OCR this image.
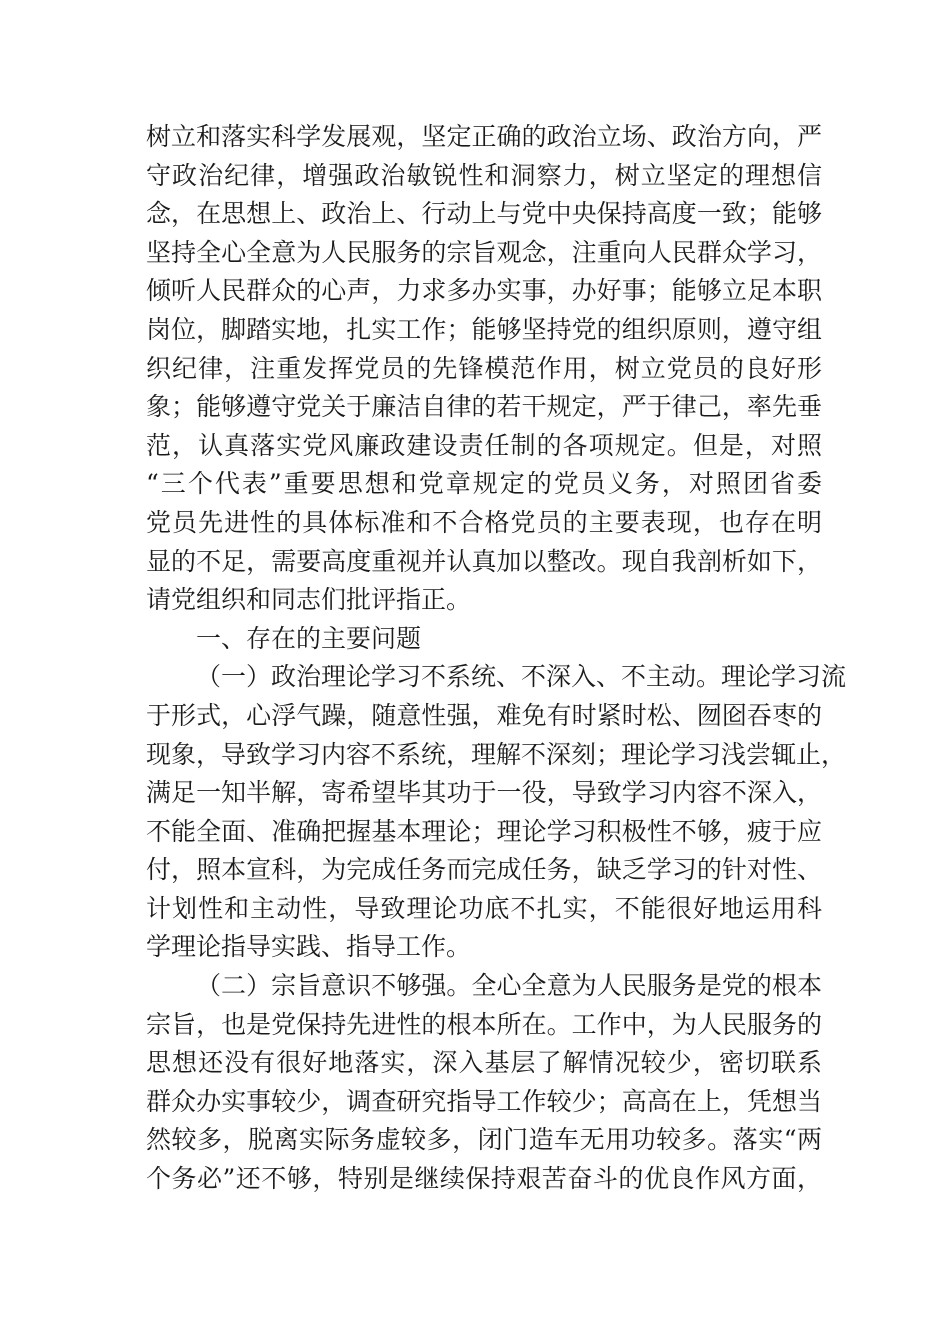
树立和落实科学发展观，坚定正确的政治立场、政治方向，严
守政治纪律，增强政治敏锐性和洞察力，树立坚定的理想信
念，在思想上、政治上、行动上与党中央保持高度一致；能够
坚持全心全意为人民服务的宗旨观念，注重向人民群众学习，
倾听人民群众的心声，力求多办实事，办好事；能够立足本职
岗位，脚踏实地，扎实工作；能够坚持党的组织原则，遵守组
织纪律，注重发挥党员的先锋模范作用，树立党员的良好形
象；能够遵守党关于廉洁自律的若干规定，严于律己，率先垂
范，认真落实党风廉政建设责任制的各项规定。但是，对照
“三个代表”重要思想和党章规定的党员义务，对照团省委
党员先进性的具体标准和不合格党员的主要表现，也存在明
显的不足，需要高度重视并认真加以整改。现自我剖析如下，
请党组织和同志们批评指正。
一、存在的主要问题
（一）政治理论学习不系统、不深入、不主动。理论学习流
于形式，心浮气躁，随意性强，难免有时紧时松、囫囵吞枣的
现象，导致学习内容不系统，理解不深刻；理论学习浅尝辄止，
满足一知半解，寄希望毕其功于一役，导致学习内容不深入，
不能全面、准确把握基本理论；理论学习积极性不够，疲于应
付，照本宣科，为完成任务而完成任务，缺乏学习的针对性、
计划性和主动性，导致理论功底不扎实，不能很好地运用科
学理论指导实践、指导工作。
（二）宗旨意识不够强。全心全意为人民服务是党的根本
宗旨，也是党保持先进性的根本所在。工作中，为人民服务的
思想还没有很好地落实，深入基层了解情况较少，密切联系
群众办实事较少，调查研究指导工作较少；高高在上，凭想当
然较多，脱离实际务虚较多，闭门造车无用功较多。落实“两
个务必”还不够，特别是继续保持艰苦奋斗的优良作风方面，
